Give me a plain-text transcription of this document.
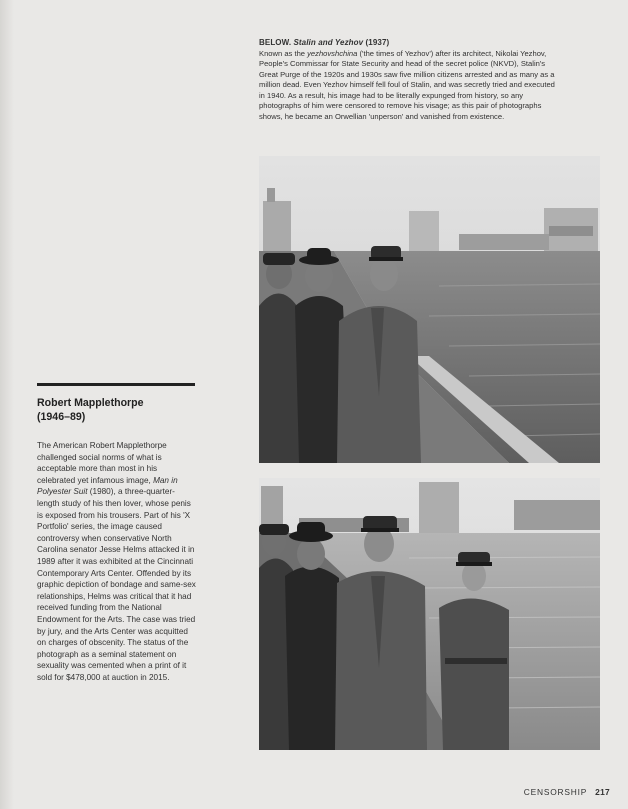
BELOW. Stalin and Yezhov (1937)
Known as the yezhovshchina ('the times of Yezhov') after its architect, Nikolai Yezhov, People's Commissar for State Security and head of the secret police (NKVD), Stalin's Great Purge of the 1920s and 1930s saw five million citizens arrested and as many as a million dead. Even Yezhov himself fell foul of Stalin, and was secretly tried and executed in 1940. As a result, his image had to be literally expunged from history, so any photographs of him were censored to remove his visage; as this pair of photographs shows, he became an Orwellian 'unperson' and vanished from existence.
Robert Mapplethorpe
(1946–89)

The American Robert Mapplethorpe challenged social norms of what is acceptable more than most in his celebrated yet infamous image, Man in Polyester Suit (1980), a three-quarter-length study of his then lover, whose penis is exposed from his trousers. Part of his 'X Portfolio' series, the image caused controversy when conservative North Carolina senator Jesse Helms attacked it in 1989 after it was exhibited at the Cincinnati Contemporary Arts Center. Offended by its graphic depiction of bondage and same-sex relationships, Helms was critical that it had received funding from the National Endowment for the Arts. The case was tried by jury, and the Arts Center was acquitted on charges of obscenity. The status of the photograph as a seminal statement on sexuality was cemented when a print of it sold for $478,000 at auction in 2015.

CENSORSHIP 217
